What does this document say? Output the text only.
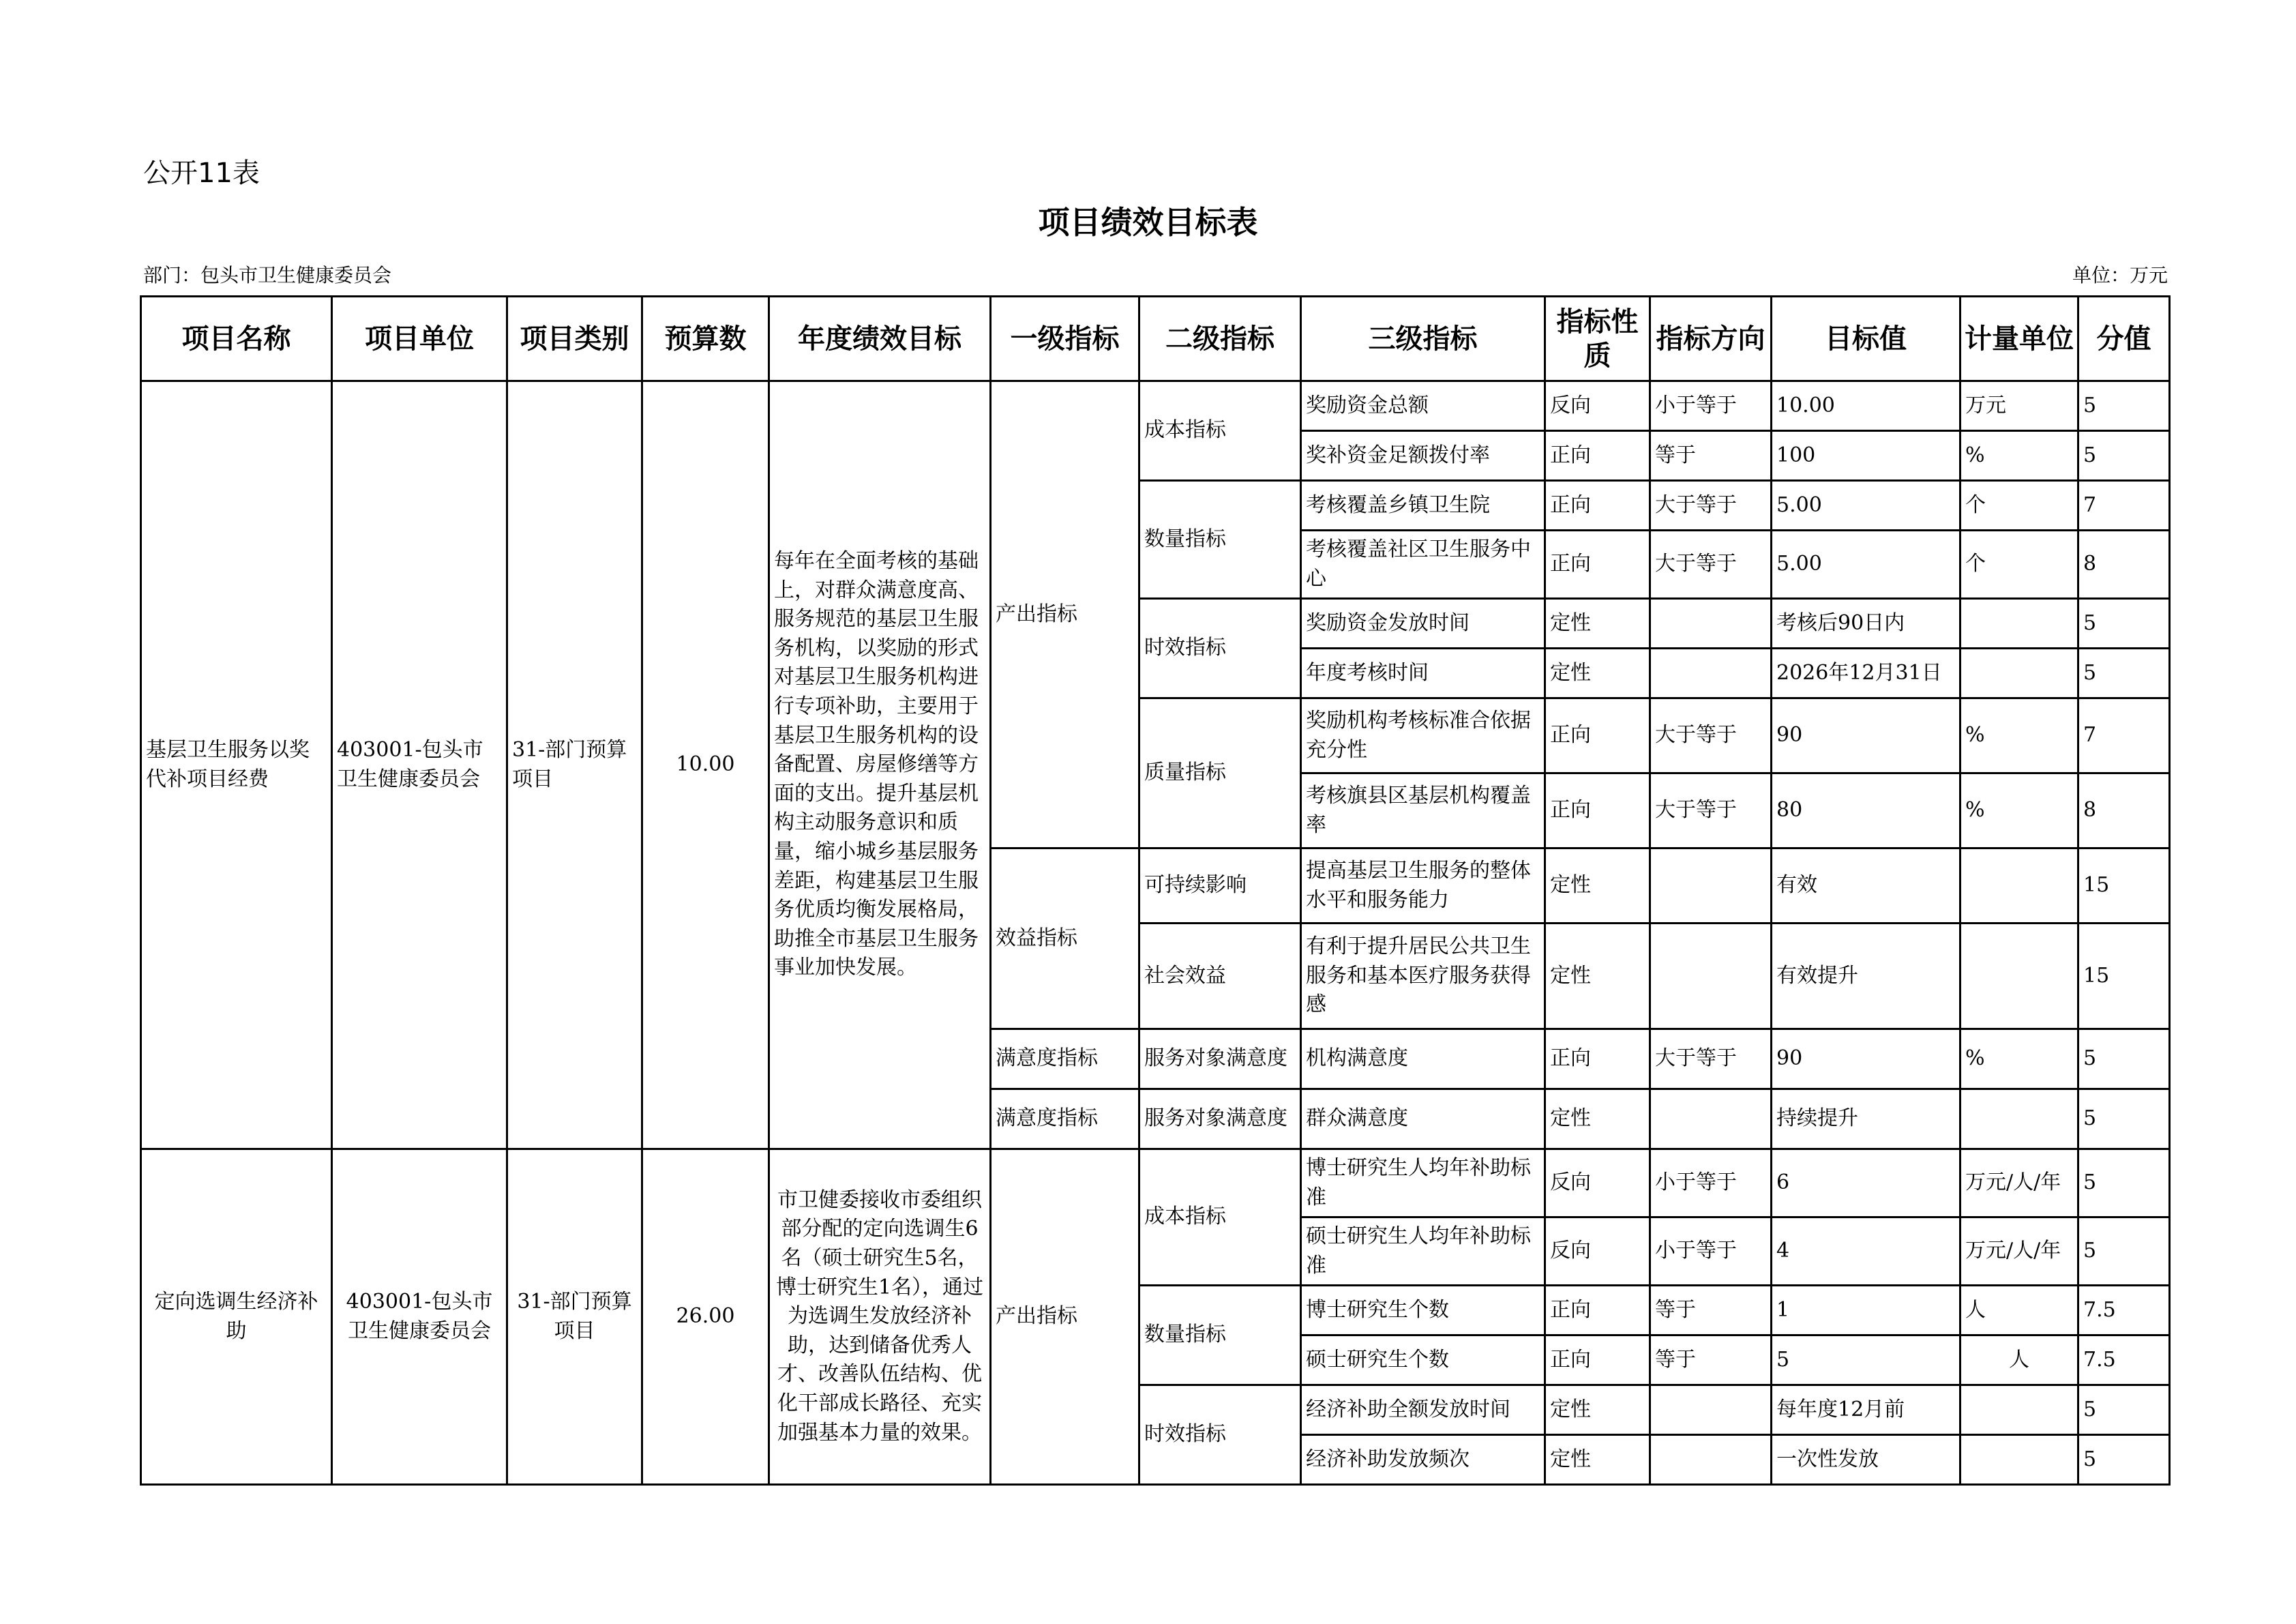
公开11表
项目绩效目标表
部门：包头市卫生健康委员会	单位：万元
项目名称	项目单位	项目类别	预算数	年度绩效目标	一级指标	二级指标	三级指标	指标性质	指标方向	目标值	计量单位	分值
基层卫生服务以奖代补项目经费	403001-包头市卫生健康委员会	31-部门预算项目	10.00	每年在全面考核的基础上，对群众满意度高、服务规范的基层卫生服务机构，以奖励的形式对基层卫生服务机构进行专项补助，主要用于基层卫生服务机构的设备配置、房屋修缮等方面的支出。提升基层机构主动服务意识和质量，缩小城乡基层服务差距，构建基层卫生服务优质均衡发展格局，助推全市基层卫生服务事业加快发展。	产出指标	成本指标	奖励资金总额	反向	小于等于	10.00	万元	5
							奖补资金足额拨付率	正向	等于	100	%	5
						数量指标	考核覆盖乡镇卫生院	正向	大于等于	5.00	个	7
							考核覆盖社区卫生服务中心	正向	大于等于	5.00	个	8
						时效指标	奖励资金发放时间	定性		考核后90日内		5
							年度考核时间	定性		2026年12月31日		5
						质量指标	奖励机构考核标准合依据充分性	正向	大于等于	90	%	7
							考核旗县区基层机构覆盖率	正向	大于等于	80	%	8
					效益指标	可持续影响	提高基层卫生服务的整体水平和服务能力	定性		有效		15
						社会效益	有利于提升居民公共卫生服务和基本医疗服务获得感	定性		有效提升		15
					满意度指标	服务对象满意度	机构满意度	正向	大于等于	90	%	5
					满意度指标	服务对象满意度	群众满意度	定性		持续提升		5
定向选调生经济补助	403001-包头市卫生健康委员会	31-部门预算项目	26.00	市卫健委接收市委组织部分配的定向选调生6名（硕士研究生5名，博士研究生1名），通过为选调生发放经济补助，达到储备优秀人才、改善队伍结构、优化干部成长路径、充实加强基本力量的效果。	产出指标	成本指标	博士研究生人均年补助标准	反向	小于等于	6	万元/人/年	5
							硕士研究生人均年补助标准	反向	小于等于	4	万元/人/年	5
						数量指标	博士研究生个数	正向	等于	1	人	7.5
							硕士研究生个数	正向	等于	5	人	7.5
						时效指标	经济补助全额发放时间	定性		每年度12月前		5
							经济补助发放频次	定性		一次性发放		5
